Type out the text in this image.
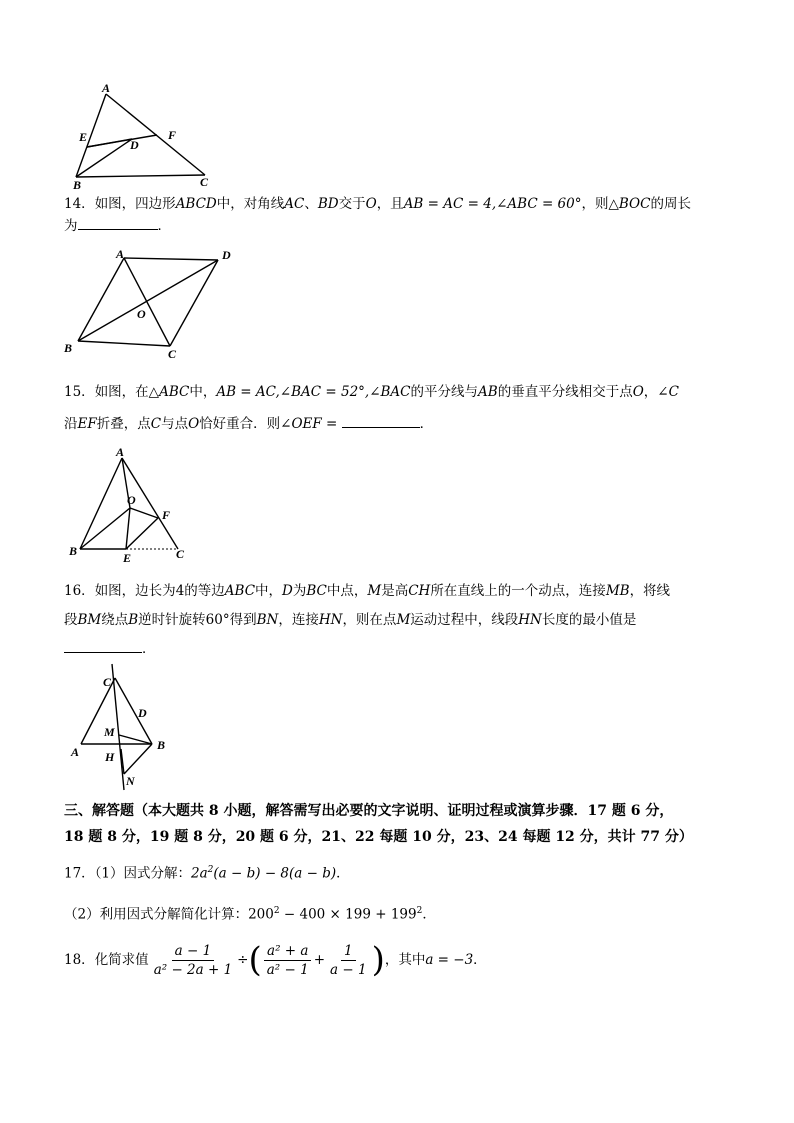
A
E	F
D
B	C
14．如图，四边形ABCD中，对角线AC、BD交于O，且AB = AC = 4,∠ABC = 60°，则△BOC的周长
为	．
A	D
O
B	C
15．如图，在△ABC中，AB = AC,∠BAC = 52°,∠BAC的平分线与AB的垂直平分线相交于点O，∠C
沿EF折叠，点C与点O恰好重合．则∠OEF =	．
A
O
F
B	E	C
16．如图，边长为4的等边ABC中，D为BC中点，M是高CH所在直线上的一个动点，连接MB，将线
段BM绕点B逆时针旋转60°得到BN，连接HN，则在点M运动过程中，线段HN长度的最小值是
．
C
D
M
A	B
H
N
三、解答题（本大题共 8 小题，解答需写出必要的文字说明、证明过程或演算步骤．17 题 6 分，
18 题 8 分，19 题 8 分，20 题 6 分，21、22 每题 10 分，23、24 每题 12 分，共计 77 分）
17．（1）因式分解：$2a^2(a - b) - 8(a - b)$．
（2）利用因式分解简化计算：$200^2 - 400 \times 199 + 199^2$．
18． 化简求值 $\frac{a - 1}{\text{a² − 2a + 1}}$ ÷ ( $\frac{\text{a² + a}}{\text{a² − 1}} + \frac{1}{a - 1}$ ) ，其中 a = −3 ．
